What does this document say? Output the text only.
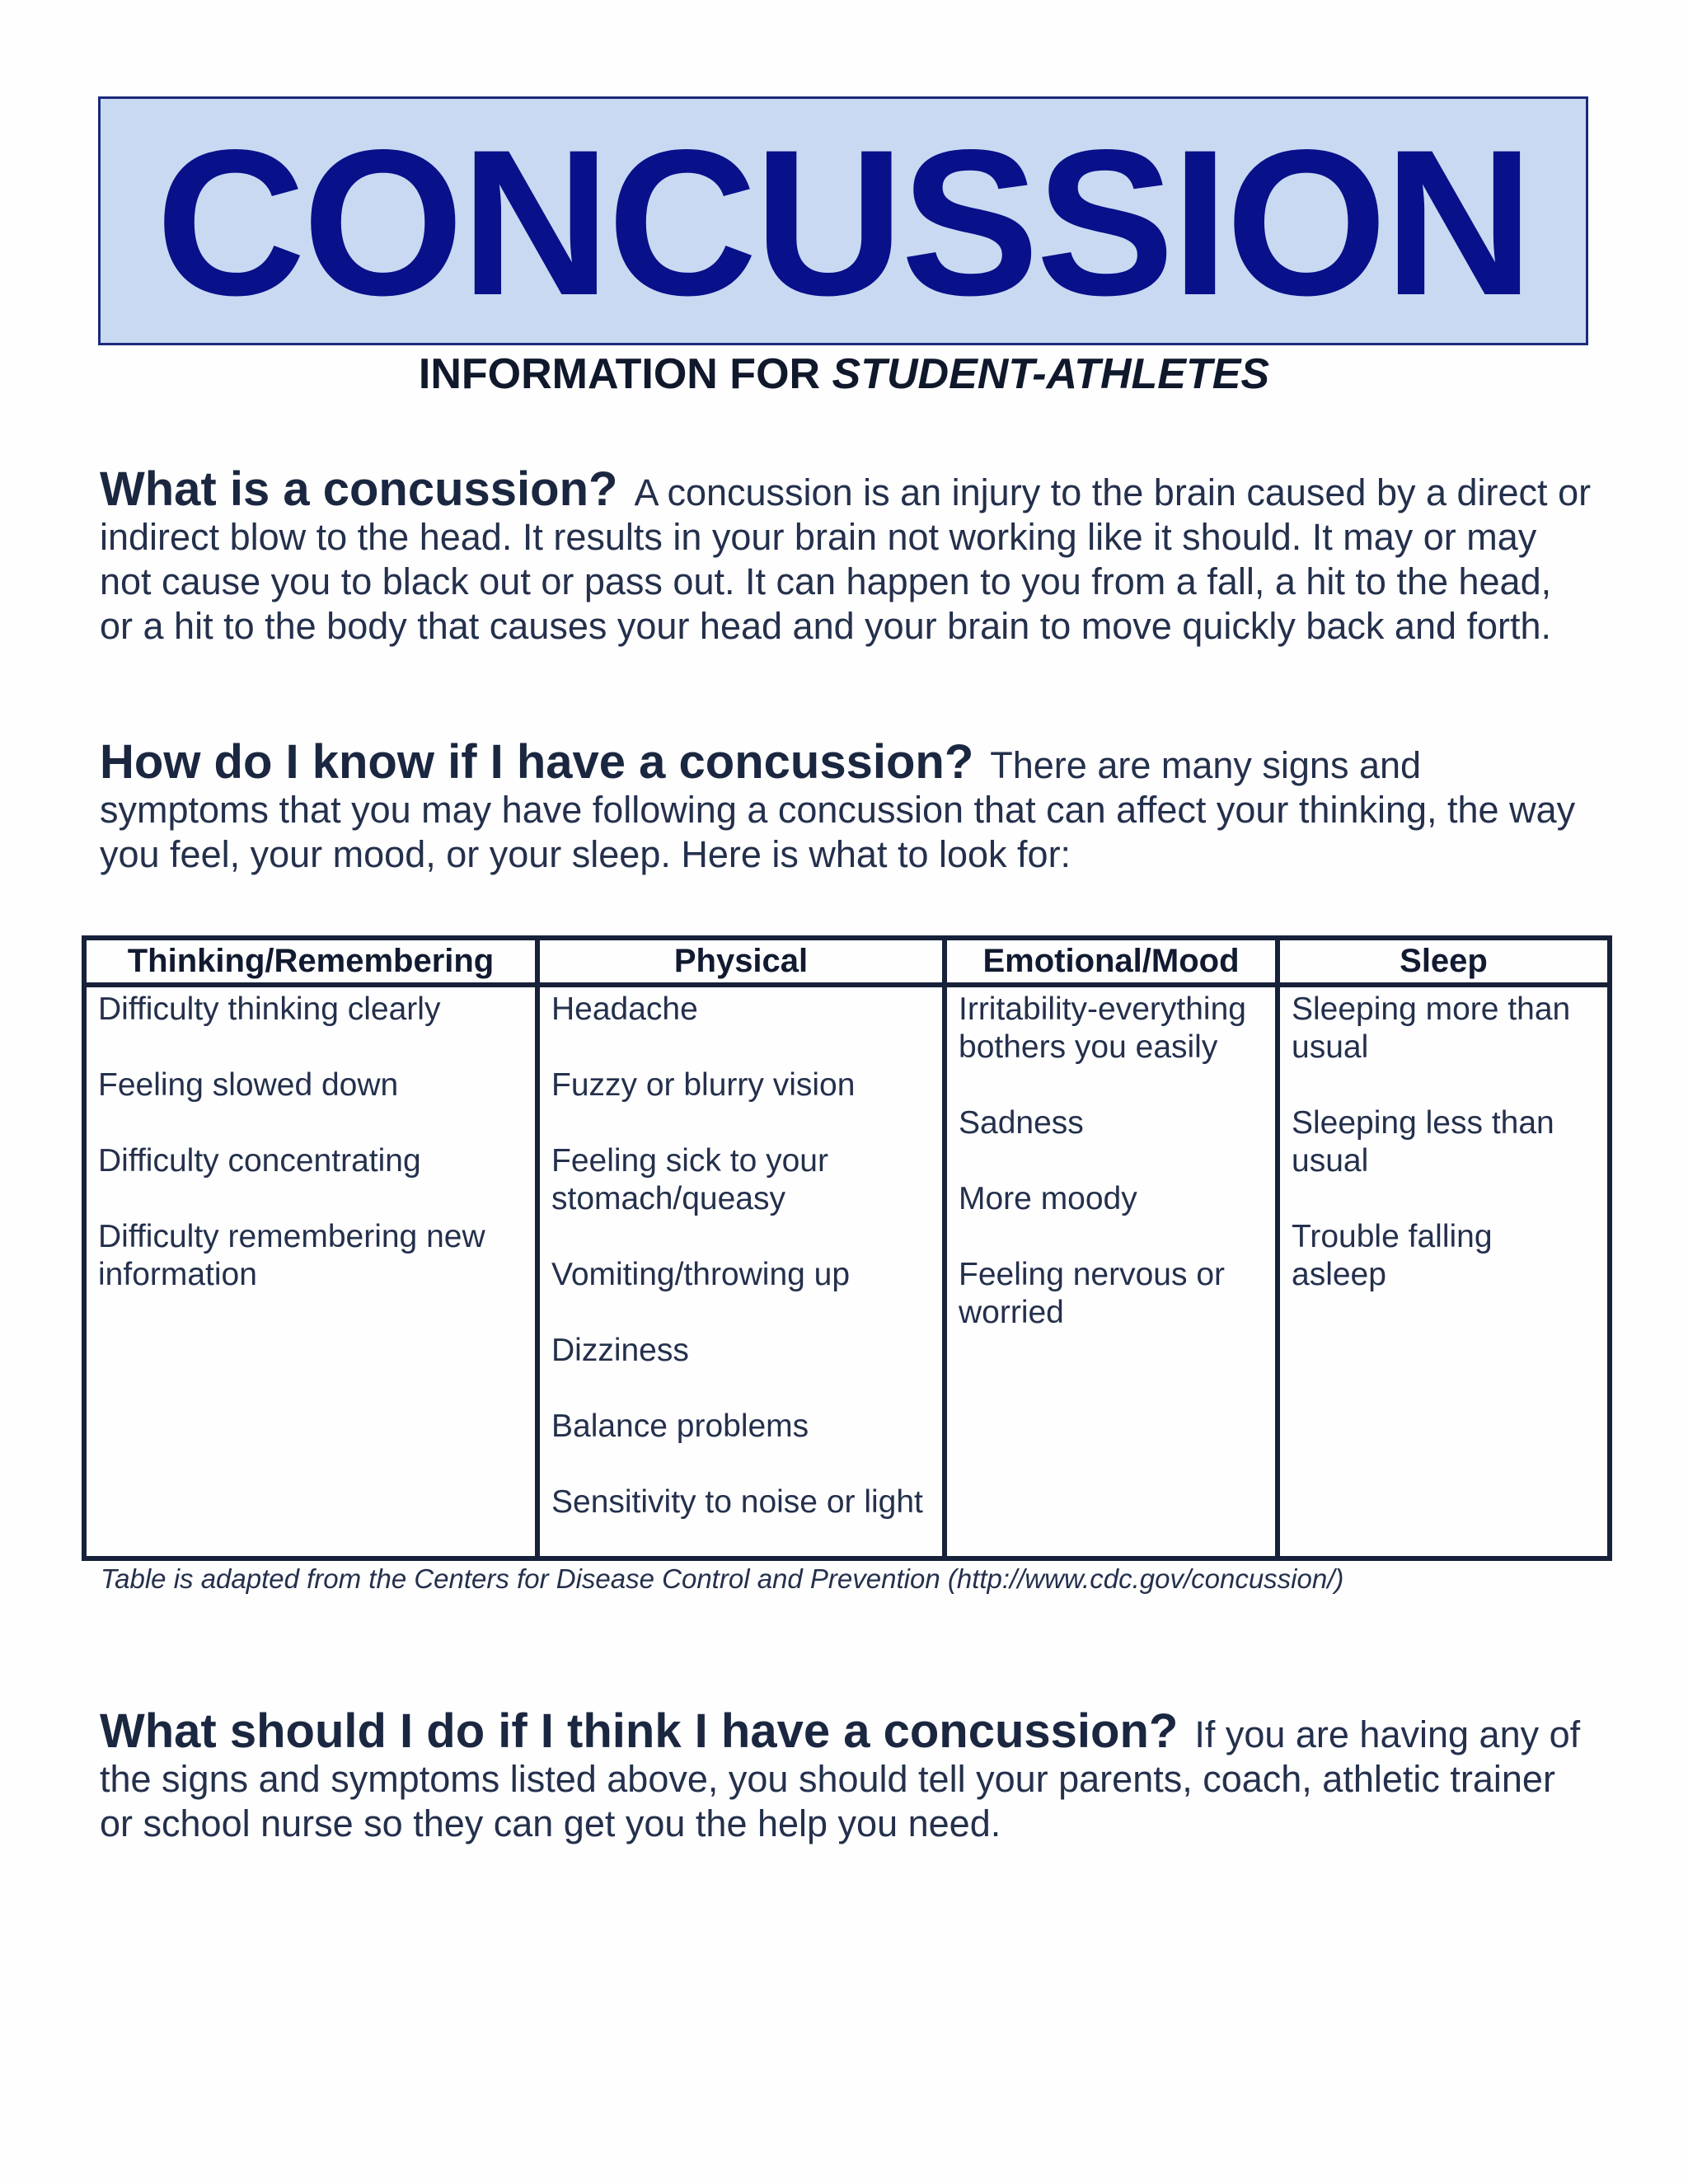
CONCUSSION
INFORMATION FOR STUDENT-ATHLETES
What is a concussion? A concussion is an injury to the brain caused by a direct or indirect blow to the head. It results in your brain not working like it should. It may or may not cause you to black out or pass out. It can happen to you from a fall, a hit to the head, or a hit to the body that causes your head and your brain to move quickly back and forth.
How do I know if I have a concussion? There are many signs and symptoms that you may have following a concussion that can affect your thinking, the way you feel, your mood, or your sleep. Here is what to look for:
Thinking/Remembering
Difficulty thinking clearly
Feeling slowed down
Difficulty concentrating
Difficulty remembering new information
Physical
Headache
Fuzzy or blurry vision
Feeling sick to your stomach/queasy
Vomiting/throwing up
Dizziness
Balance problems
Sensitivity to noise or light
Emotional/Mood
Irritability-everything bothers you easily
Sadness
More moody
Feeling nervous or worried
Sleep
Sleeping more than usual
Sleeping less than usual
Trouble falling asleep
Table is adapted from the Centers for Disease Control and Prevention (http://www.cdc.gov/concussion/)
What should I do if I think I have a concussion? If you are having any of the signs and symptoms listed above, you should tell your parents, coach, athletic trainer or school nurse so they can get you the help you need.
